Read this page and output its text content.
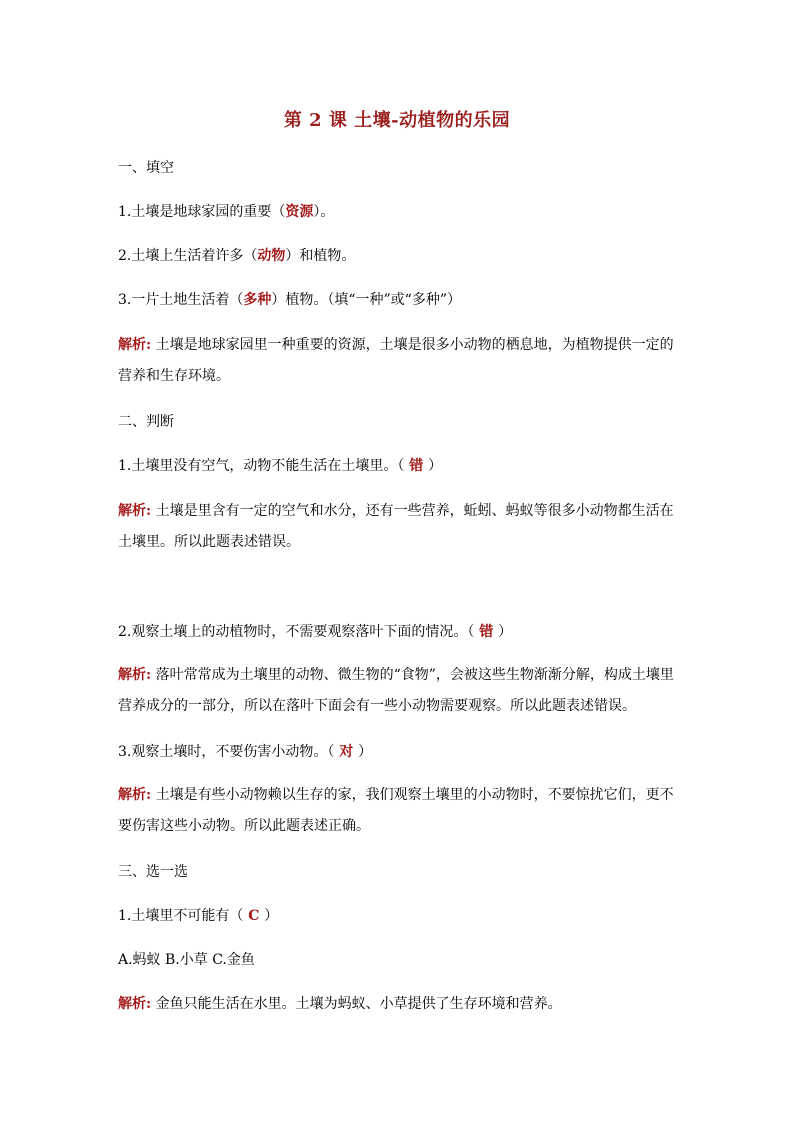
第 2 课 土壤-动植物的乐园
一、填空
1.土壤是地球家园的重要（资源）。
2.土壤上生活着许多（动物）和植物。
3.一片土地生活着（多种）植物。（填“一种”或“多种”）
解析: 土壤是地球家园里一种重要的资源，土壤是很多小动物的栖息地，为植物提供一定的营养和生存环境。
二、判断
1.土壤里没有空气，动物不能生活在土壤里。（ 错 ）
解析: 土壤是里含有一定的空气和水分，还有一些营养，蚯蚓、蚂蚁等很多小动物都生活在土壤里。所以此题表述错误。
2.观察土壤上的动植物时，不需要观察落叶下面的情况。（ 错 ）
解析: 落叶常常成为土壤里的动物、微生物的“食物”，会被这些生物渐渐分解，构成土壤里营养成分的一部分，所以在落叶下面会有一些小动物需要观察。所以此题表述错误。
3.观察土壤时，不要伤害小动物。（ 对 ）
解析: 土壤是有些小动物赖以生存的家，我们观察土壤里的小动物时，不要惊扰它们，更不要伤害这些小动物。所以此题表述正确。
三、选一选
1.土壤里不可能有（ C ）
A.蚂蚁 B.小草 C.金鱼
解析: 金鱼只能生活在水里。土壤为蚂蚁、小草提供了生存环境和营养。
